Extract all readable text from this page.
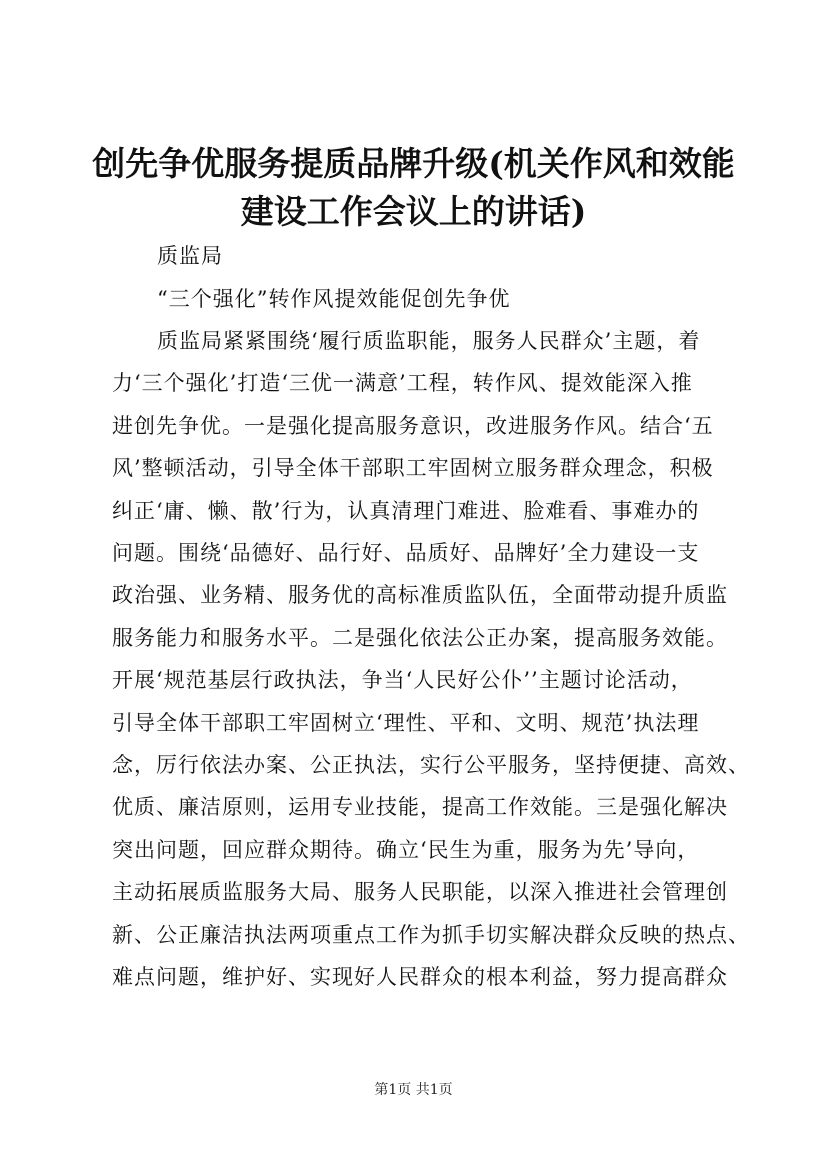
创先争优服务提质品牌升级(机关作风和效能
建设工作会议上的讲话)
质监局
“三个强化”转作风提效能促创先争优
质监局紧紧围绕‘履行质监职能，服务人民群众’主题，着
力‘三个强化’打造‘三优一满意’工程，转作风、提效能深入推
进创先争优。一是强化提高服务意识，改进服务作风。结合‘五
风’整顿活动，引导全体干部职工牢固树立服务群众理念，积极
纠正‘庸、懒、散’行为，认真清理门难进、脸难看、事难办的
问题。围绕‘品德好、品行好、品质好、品牌好’全力建设一支
政治强、业务精、服务优的高标准质监队伍，全面带动提升质监
服务能力和服务水平。二是强化依法公正办案，提高服务效能。
开展‘规范基层行政执法，争当‘人民好公仆’’主题讨论活动，
引导全体干部职工牢固树立‘理性、平和、文明、规范’执法理
念，厉行依法办案、公正执法，实行公平服务，坚持便捷、高效、
优质、廉洁原则，运用专业技能，提高工作效能。三是强化解决
突出问题，回应群众期待。确立‘民生为重，服务为先’导向，
主动拓展质监服务大局、服务人民职能，以深入推进社会管理创
新、公正廉洁执法两项重点工作为抓手切实解决群众反映的热点、
难点问题，维护好、实现好人民群众的根本利益，努力提高群众
第1页 共1页
